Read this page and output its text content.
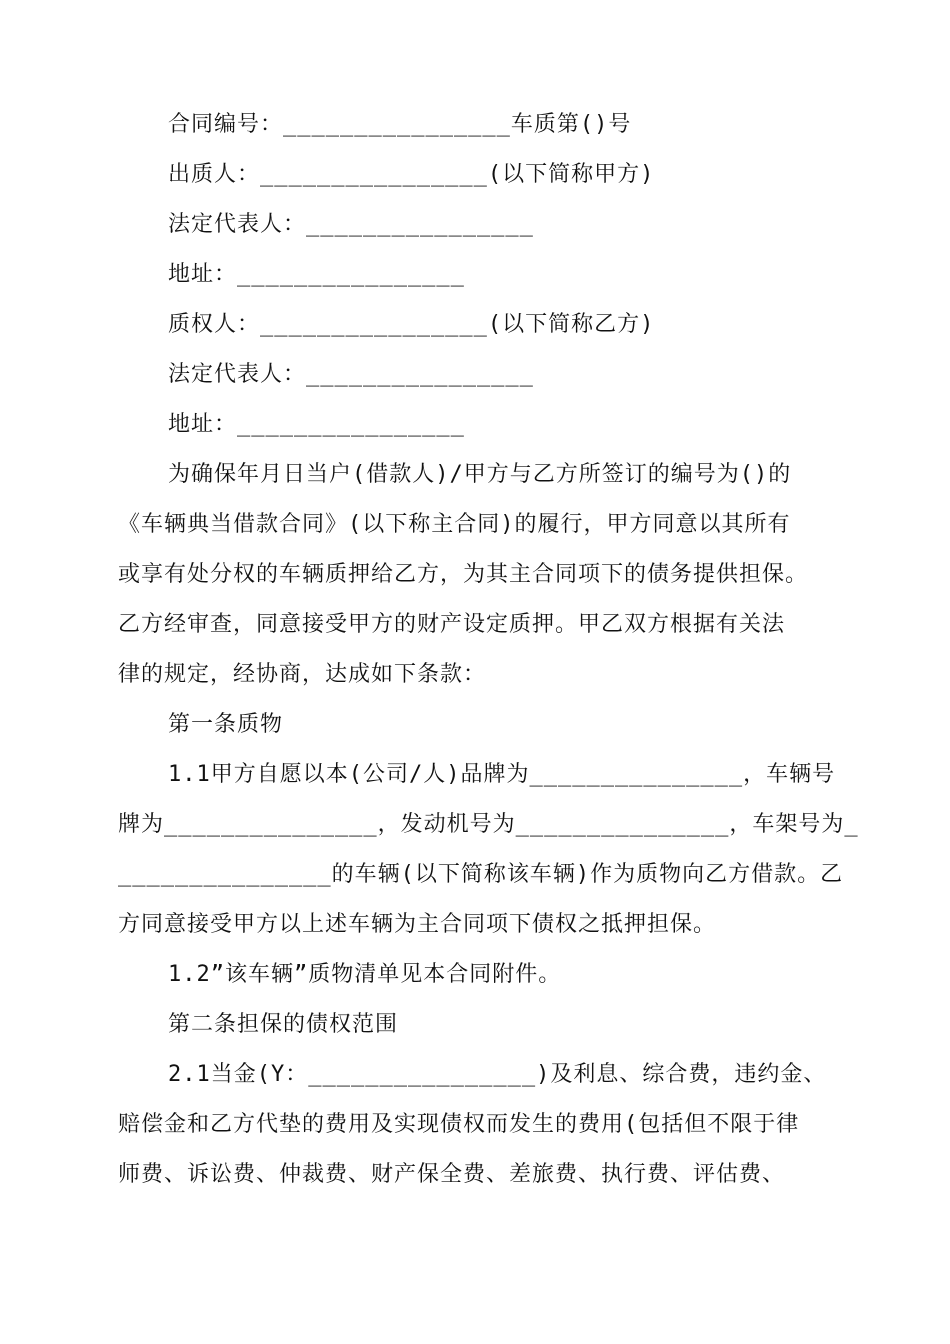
合同编号：________________车质第()号
出质人：________________(以下简称甲方)
法定代表人：________________
地址：________________
质权人：________________(以下简称乙方)
法定代表人：________________
地址：________________
为确保年月日当户(借款人)/甲方与乙方所签订的编号为()的
《车辆典当借款合同》(以下称主合同)的履行，甲方同意以其所有
或享有处分权的车辆质押给乙方，为其主合同项下的债务提供担保。
乙方经审查，同意接受甲方的财产设定质押。甲乙双方根据有关法
律的规定，经协商，达成如下条款：
第一条质物
1.1甲方自愿以本(公司/人)品牌为_______________，车辆号
牌为_______________，发动机号为_______________，车架号为_
_______________的车辆(以下简称该车辆)作为质物向乙方借款。乙
方同意接受甲方以上述车辆为主合同项下债权之抵押担保。
1.2”该车辆”质物清单见本合同附件。
第二条担保的债权范围
2.1当金(Y：________________)及利息、综合费，违约金、
赔偿金和乙方代垫的费用及实现债权而发生的费用(包括但不限于律
师费、诉讼费、仲裁费、财产保全费、差旅费、执行费、评估费、
